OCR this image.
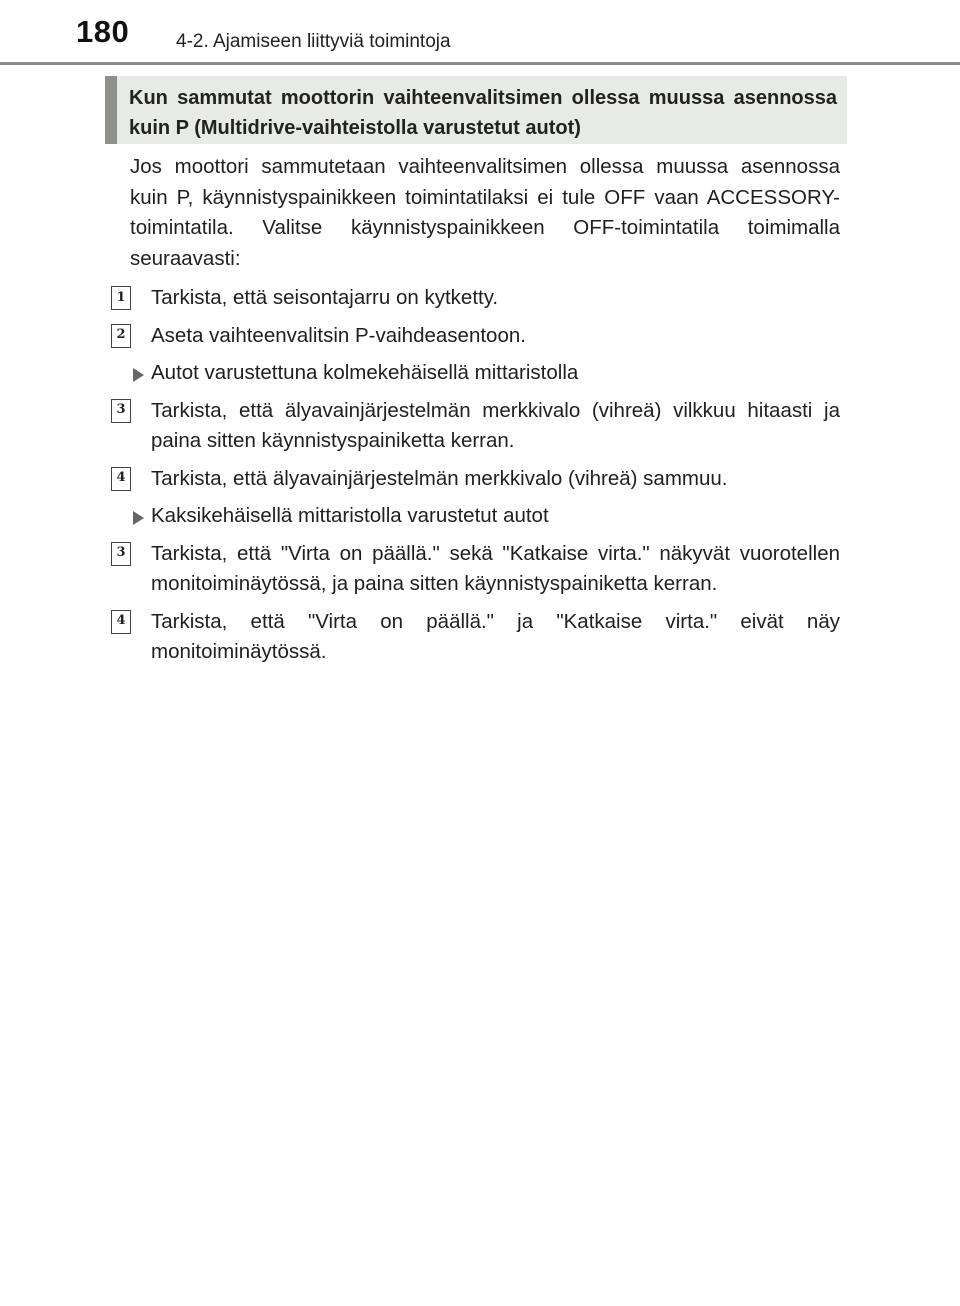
180 4-2. Ajamiseen liittyviä toimintoja
Kun sammutat moottorin vaihteenvalitsimen ollessa muussa asennossa kuin P (Multidrive-vaihteistolla varustetut autot)

Jos moottori sammutetaan vaihteenvalitsimen ollessa muussa asennossa kuin P, käynnistyspainikkeen toimintatilaksi ei tule OFF vaan ACCESSORY-toimintatila. Valitse käynnistyspainikkeen OFF-toimintatila toimimalla seuraavasti:

1 Tarkista, että seisontajarru on kytketty.

2 Aseta vaihteenvalitsin P-vaihdeasentoon.

Autot varustettuna kolmekehäisellä mittaristolla

3 Tarkista, että älyavainjärjestelmän merkkivalo (vihreä) vilkkuu hitaasti ja paina sitten käynnistyspainiketta kerran.

4 Tarkista, että älyavainjärjestelmän merkkivalo (vihreä) sammuu.

Kaksikehäisellä mittaristolla varustetut autot

3 Tarkista, että "Virta on päällä." sekä "Katkaise virta." näkyvät vuorotellen monitoiminäytössä, ja paina sitten käynnistyspainiketta kerran.

4 Tarkista, että "Virta on päällä." ja "Katkaise virta." eivät näy monitoiminäytössä.
